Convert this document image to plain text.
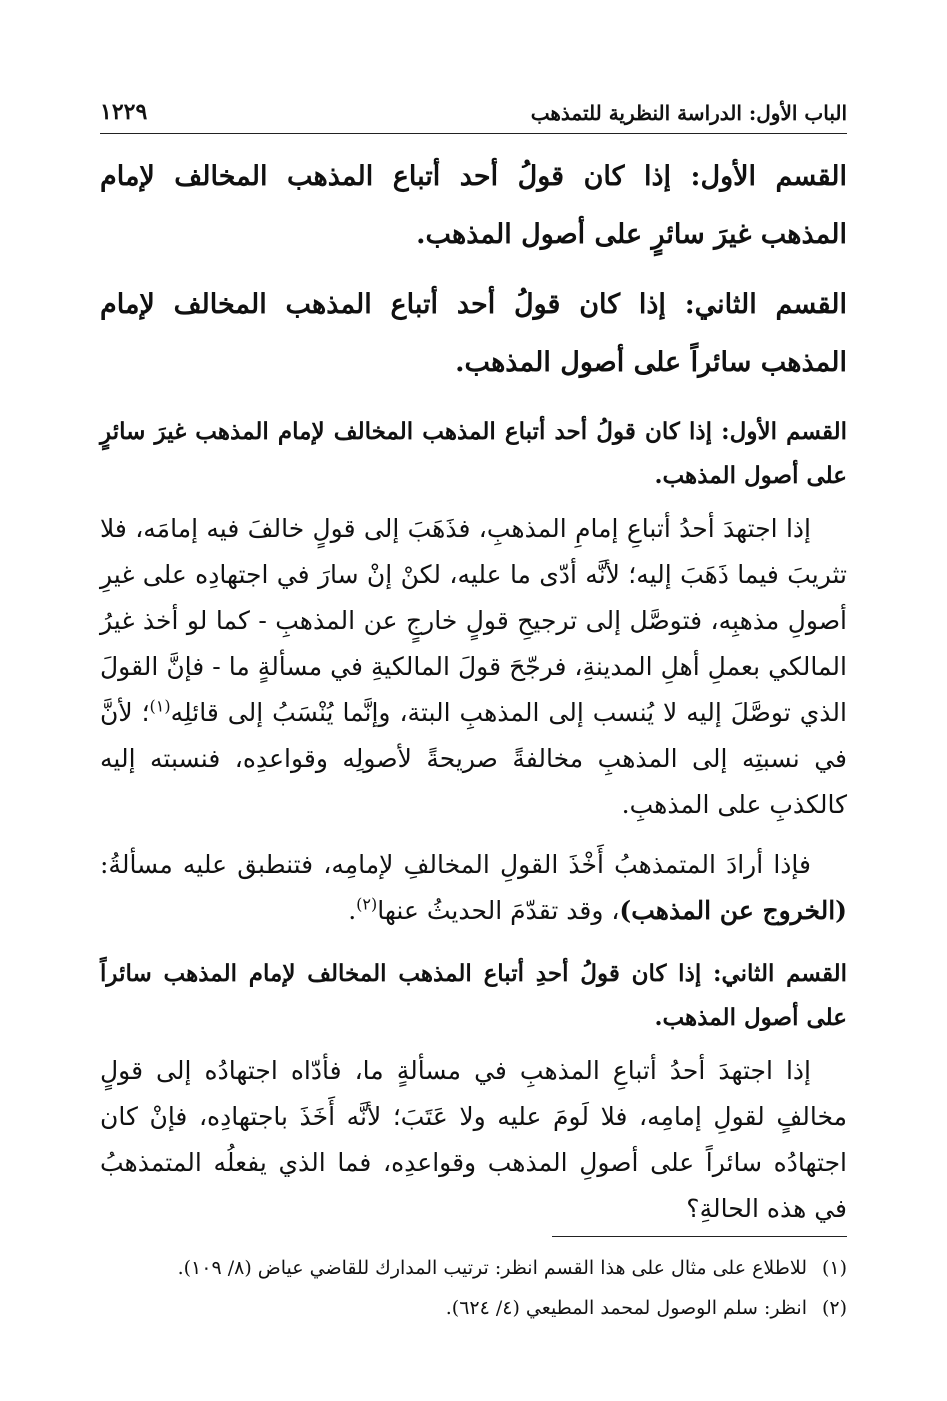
الباب الأول: الدراسة النظرية للتمذهب
١٢٢٩

القسم الأول: إذا كان قولُ أحد أتباع المذهب المخالف لإمام المذهب غيرَ سائرٍ على أصول المذهب.

القسم الثاني: إذا كان قولُ أحد أتباع المذهب المخالف لإمام المذهب سائراً على أصول المذهب.

القسم الأول: إذا كان قولُ أحد أتباع المذهب المخالف لإمام المذهب غيرَ سائرٍ على أصول المذهب.

إذا اجتهدَ أحدُ أتباعِ إمامِ المذهبِ، فذَهَبَ إلى قولٍ خالفَ فيه إمامَه، فلا تثريبَ فيما ذَهَبَ إليه؛ لأنَّه أدّى ما عليه، لكنْ إنْ سارَ في اجتهادِه على غيرِ أصولِ مذهبِه، فتوصَّل إلى ترجيحِ قولٍ خارجٍ عن المذهبِ - كما لو أخذ غيرُ المالكي بعملِ أهلِ المدينةِ، فرجّحَ قولَ المالكيةِ في مسألةٍ ما - فإنَّ القولَ الذي توصَّلَ إليه لا يُنسب إلى المذهبِ البتة، وإنَّما يُنْسَبُ إلى قائلِه$^{(١)}$؛ لأنَّ في نسبتِه إلى المذهبِ مخالفةً صريحةً لأصولِه وقواعدِه، فنسبته إليه كالكذبِ على المذهبِ.

فإذا أرادَ المتمذهبُ أَخْذَ القولِ المخالفِ لإمامِه، فتنطبق عليه مسألةُ: (الخروج عن المذهب)، وقد تقدّمَ الحديثُ عنها$^{(٢)}$.

القسم الثاني: إذا كان قولُ أحدِ أتباع المذهب المخالف لإمام المذهب سائراً على أصول المذهب.

إذا اجتهدَ أحدُ أتباعِ المذهبِ في مسألةٍ ما، فأدّاه اجتهادُه إلى قولٍ مخالفٍ لقولِ إمامِه، فلا لَومَ عليه ولا عَتَبَ؛ لأنَّه أَخَذَ باجتهادِه، فإنْ كان اجتهادُه سائراً على أصولِ المذهب وقواعدِه، فما الذي يفعلُه المتمذهبُ في هذه الحالةِ؟

(١)للاطلاع على مثال على هذا القسم انظر: ترتيب المدارك للقاضي عياض (٨/ ١٠٩).

(٢)انظر: سلم الوصول لمحمد المطيعي (٤/ ٦٢٤).
